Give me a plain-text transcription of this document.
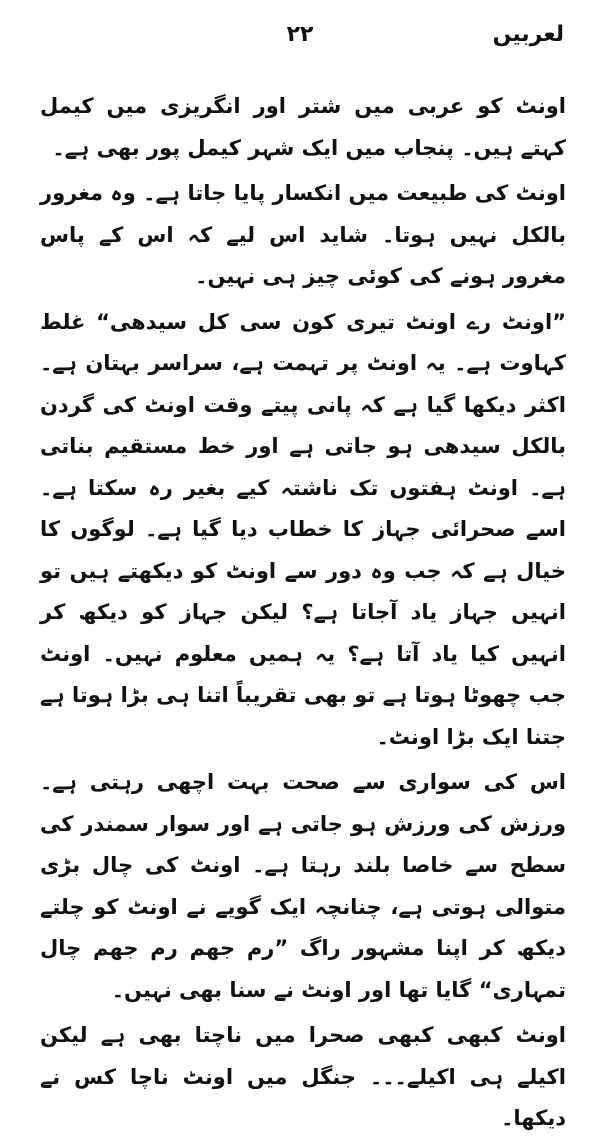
لعربیں
۲۲

اونٹ کو عربی میں شتر اور انگریزی میں کیمل کہتے ہیں۔ پنجاب میں ایک شہر کیمل پور بھی ہے۔

اونٹ کی طبیعت میں انکسار پایا جاتا ہے۔ وہ مغرور بالکل نہیں ہوتا۔ شاید اس لیے کہ اس کے پاس مغرور ہونے کی کوئی چیز ہی نہیں۔

”اونٹ رے اونٹ تیری کون سی کل سیدھی“ غلط کہاوت ہے۔ یہ اونٹ پر تہمت ہے، سراسر بہتان ہے۔ اکثر دیکھا گیا ہے کہ پانی پیتے وقت اونٹ کی گردن بالکل سیدھی ہو جاتی ہے اور خط مستقیم بناتی ہے۔ اونٹ ہفتوں تک ناشتہ کیے بغیر رہ سکتا ہے۔ اسے صحرائی جہاز کا خطاب دیا گیا ہے۔ لوگوں کا خیال ہے کہ جب وہ دور سے اونٹ کو دیکھتے ہیں تو انہیں جہاز یاد آجاتا ہے؟ لیکن جہاز کو دیکھ کر انہیں کیا یاد آتا ہے؟ یہ ہمیں معلوم نہیں۔ اونٹ جب چھوٹا ہوتا ہے تو بھی تقریباً اتنا ہی بڑا ہوتا ہے جتنا ایک بڑا اونٹ۔

اس کی سواری سے صحت بہت اچھی رہتی ہے۔ ورزش کی ورزش ہو جاتی ہے اور سوار سمندر کی سطح سے خاصا بلند رہتا ہے۔ اونٹ کی چال بڑی متوالی ہوتی ہے، چنانچہ ایک گویے نے اونٹ کو چلتے دیکھ کر اپنا مشہور راگ ”رم جھم رم جھم چال تمہاری“ گایا تھا اور اونٹ نے سنا بھی نہیں۔

اونٹ کبھی کبھی صحرا میں ناچتا بھی ہے لیکن اکیلے ہی اکیلے۔۔۔ جنگل میں اونٹ ناچا کس نے دیکھا۔
